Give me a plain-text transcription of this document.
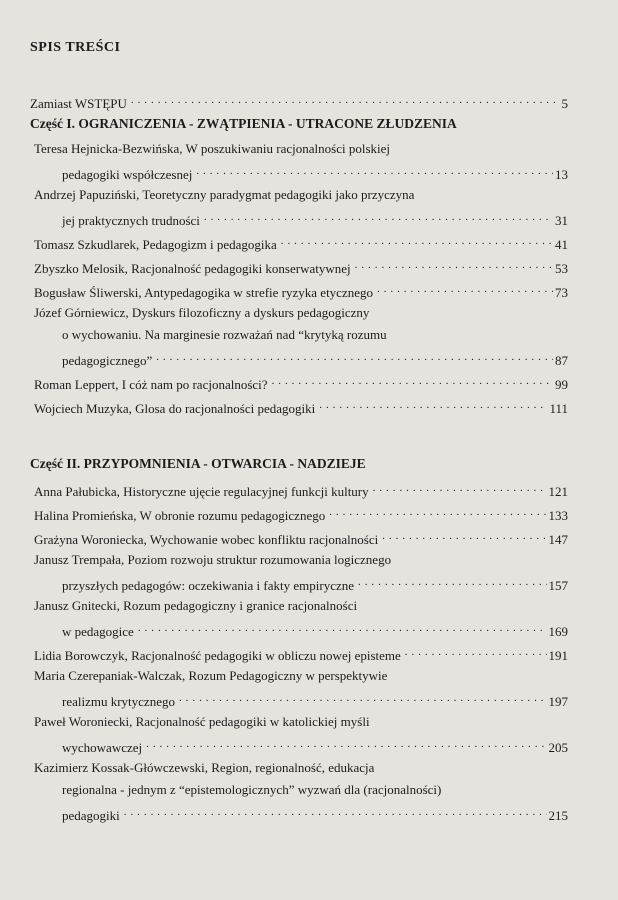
SPIS TREŚCI
Zamiast WSTĘPU . . .	5
Część I. OGRANICZENIA - ZWĄTPIENIA - UTRACONE ZŁUDZENIA
Część II. PRZYPOMNIENIA - OTWARCIA - NADZIEJE
Teresa Hejnicka-Bezwińska, W poszukiwaniu racjonalności polskiej
pedagogiki współczesnej . . .	13
Andrzej Papuziński, Teoretyczny paradygmat pedagogiki jako przyczyna
jej praktycznych trudności . . .	31
Tomasz Szkudlarek, Pedagogizm i pedagogika . . .	41
Zbyszko Melosik, Racjonalność pedagogiki konserwatywnej . . .	53
Bogusław Śliwerski, Antypedagogika w strefie ryzyka etycznego . . .	73
Józef Górniewicz, Dyskurs filozoficzny a dyskurs pedagogiczny
o wychowaniu. Na marginesie rozważań nad “krytyką rozumu
pedagogicznego” . . .	87
Roman Leppert, I cóż nam po racjonalności? . . .	99
Wojciech Muzyka, Glosa do racjonalności pedagogiki . . .	111
Anna Pałubicka, Historyczne ujęcie regulacyjnej funkcji kultury . . .	121
Halina Promieńska, W obronie rozumu pedagogicznego . . .	133
Grażyna Woroniecka, Wychowanie wobec konfliktu racjonalności . . .	147
Janusz Trempała, Poziom rozwoju struktur rozumowania logicznego
przyszłych pedagogów: oczekiwania i fakty empiryczne . . .	157
Janusz Gnitecki, Rozum pedagogiczny i granice racjonalności
w pedagogice . . .	169
Lidia Borowczyk, Racjonalność pedagogiki w obliczu nowej episteme . . .	191
Maria Czerepaniak-Walczak, Rozum Pedagogiczny w perspektywie
realizmu krytycznego . . .	197
Paweł Woroniecki, Racjonalność pedagogiki w katolickiej myśli
wychowawczej . . .	205
Kazimierz Kossak-Główczewski, Region, regionalność, edukacja
regionalna - jednym z “epistemologicznych” wyzwań dla (racjonalności)
pedagogiki . . .	215
